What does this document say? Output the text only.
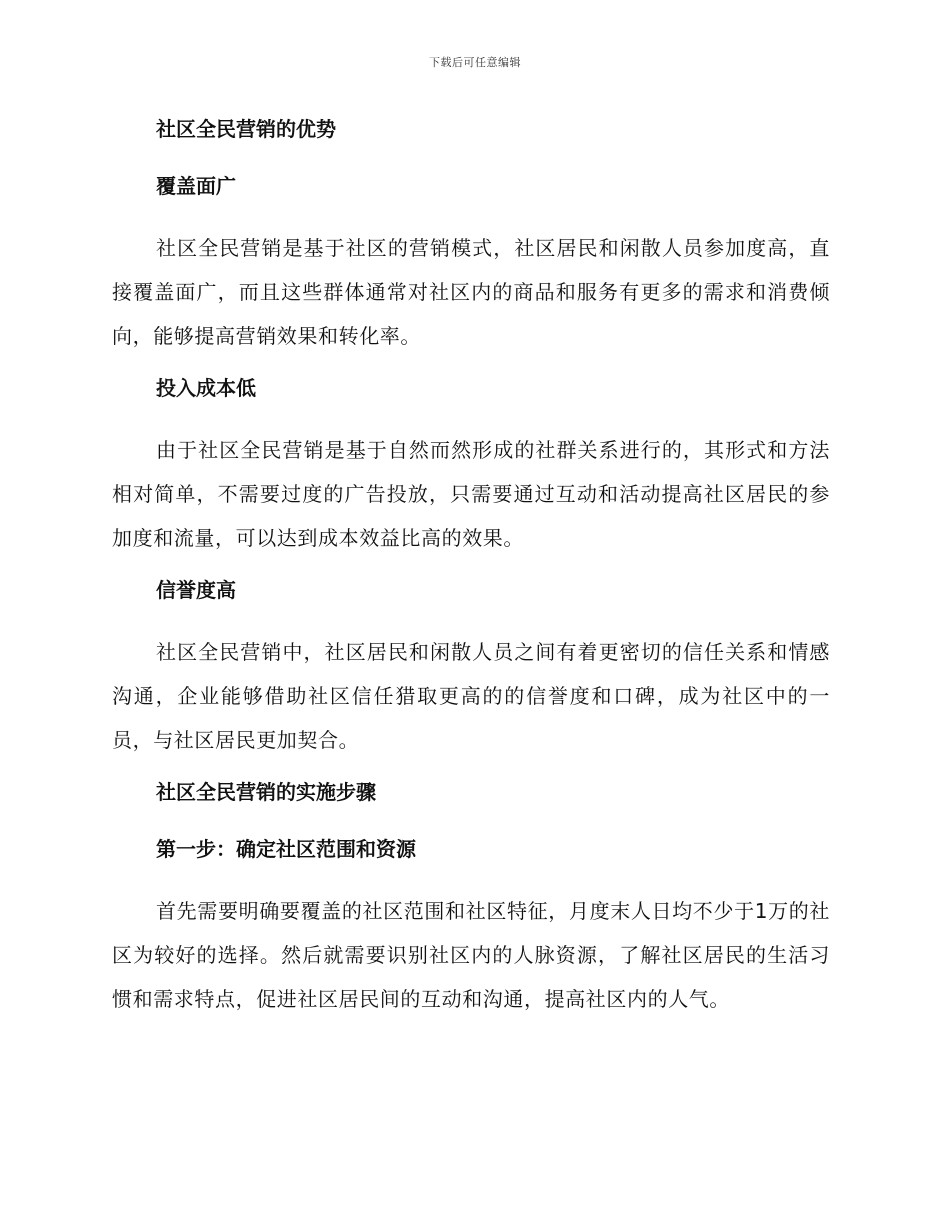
下载后可任意编辑
社区全民营销的优势
覆盖面广

社区全民营销是基于社区的营销模式，社区居民和闲散人员参加度高，直接覆盖面广，而且这些群体通常对社区内的商品和服务有更多的需求和消费倾向，能够提高营销效果和转化率。

投入成本低

由于社区全民营销是基于自然而然形成的社群关系进行的，其形式和方法相对简单，不需要过度的广告投放，只需要通过互动和活动提高社区居民的参加度和流量，可以达到成本效益比高的效果。

信誉度高

社区全民营销中，社区居民和闲散人员之间有着更密切的信任关系和情感沟通，企业能够借助社区信任猎取更高的的信誉度和口碑，成为社区中的一员，与社区居民更加契合。

社区全民营销的实施步骤
第一步：确定社区范围和资源

首先需要明确要覆盖的社区范围和社区特征，月度末人日均不少于1万的社区为较好的选择。然后就需要识别社区内的人脉资源，了解社区居民的生活习惯和需求特点，促进社区居民间的互动和沟通，提高社区内的人气。
